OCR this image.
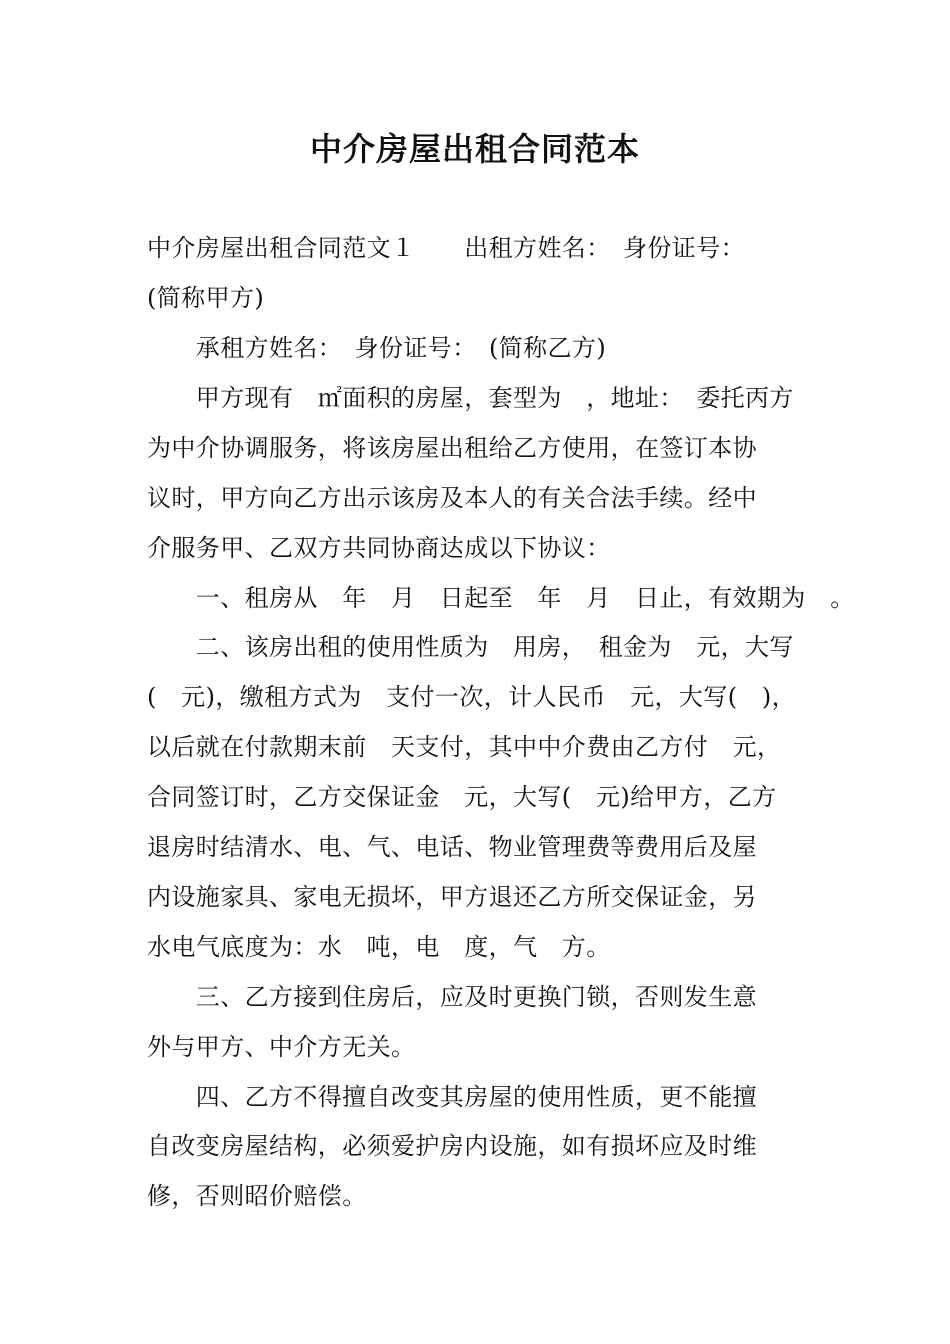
中介房屋出租合同范本
中介房屋出租合同范文１　　出租方姓名：　身份证号：
(简称甲方)
　　承租方姓名：　身份证号：　(简称乙方)
　　甲方现有　㎡面积的房屋，套型为　，地址：　委托丙方
为中介协调服务，将该房屋出租给乙方使用，在签订本协
议时，甲方向乙方出示该房及本人的有关合法手续。经中
介服务甲、乙双方共同协商达成以下协议：
　　一、租房从　年　月　日起至　年　月　日止，有效期为　。
　　二、该房出租的使用性质为　用房，　租金为　元，大写
(　元)，缴租方式为　支付一次，计人民币　元，大写(　)，
以后就在付款期末前　天支付，其中中介费由乙方付　元，
合同签订时，乙方交保证金　元，大写(　元)给甲方，乙方
退房时结清水、电、气、电话、物业管理费等费用后及屋
内设施家具、家电无损坏，甲方退还乙方所交保证金，另
水电气底度为：水　吨，电　度，气　方。
　　三、乙方接到住房后，应及时更换门锁，否则发生意
外与甲方、中介方无关。
　　四、乙方不得擅自改变其房屋的使用性质，更不能擅
自改变房屋结构，必须爱护房内设施，如有损坏应及时维
修，否则昭价赔偿。
